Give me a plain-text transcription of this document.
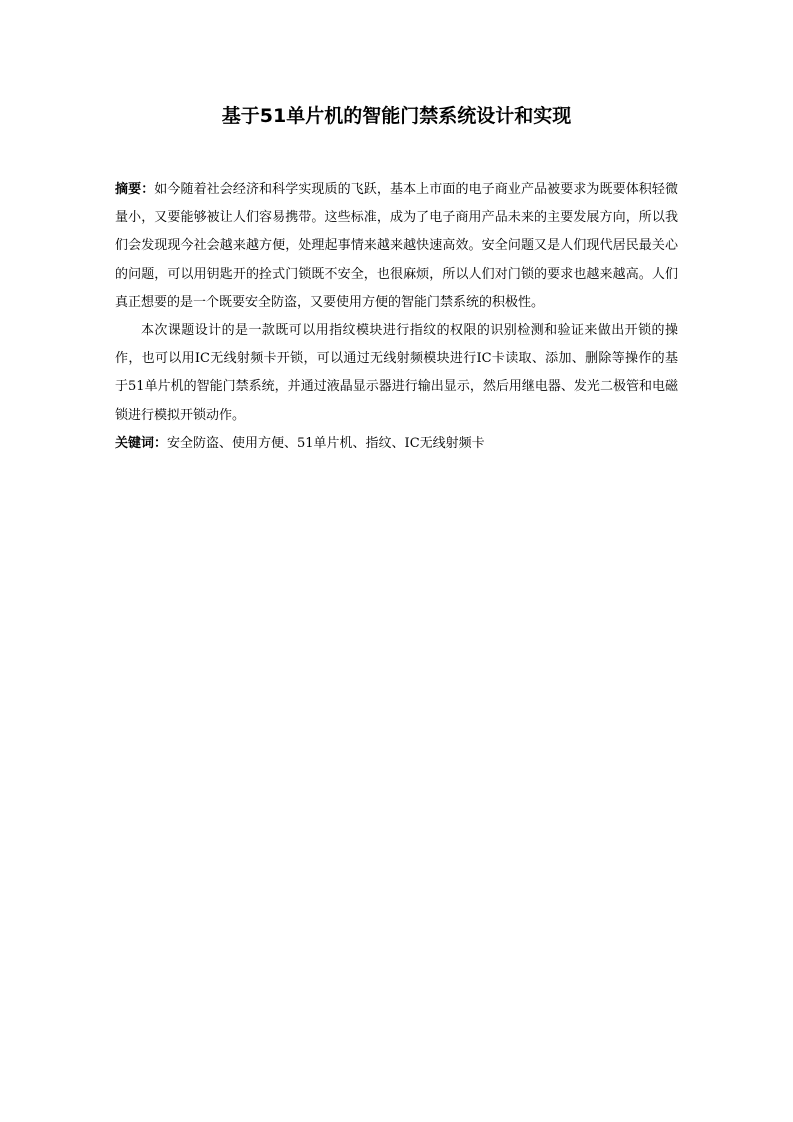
基于51单片机的智能门禁系统设计和实现

摘要：如今随着社会经济和科学实现质的飞跃，基本上市面的电子商业产品被要求为既要体积轻微量小，又要能够被让人们容易携带。这些标准，成为了电子商用产品未来的主要发展方向，所以我们会发现现今社会越来越方便，处理起事情来越来越快速高效。安全问题又是人们现代居民最关心的问题，可以用钥匙开的拴式门锁既不安全，也很麻烦，所以人们对门锁的要求也越来越高。人们真正想要的是一个既要安全防盗，又要使用方便的智能门禁系统的积极性。

本次课题设计的是一款既可以用指纹模块进行指纹的权限的识别检测和验证来做出开锁的操作，也可以用IC无线射频卡开锁，可以通过无线射频模块进行IC卡读取、添加、删除等操作的基于51单片机的智能门禁系统，并通过液晶显示器进行输出显示，然后用继电器、发光二极管和电磁锁进行模拟开锁动作。

关键词：安全防盗、使用方便、51单片机、指纹、IC无线射频卡
